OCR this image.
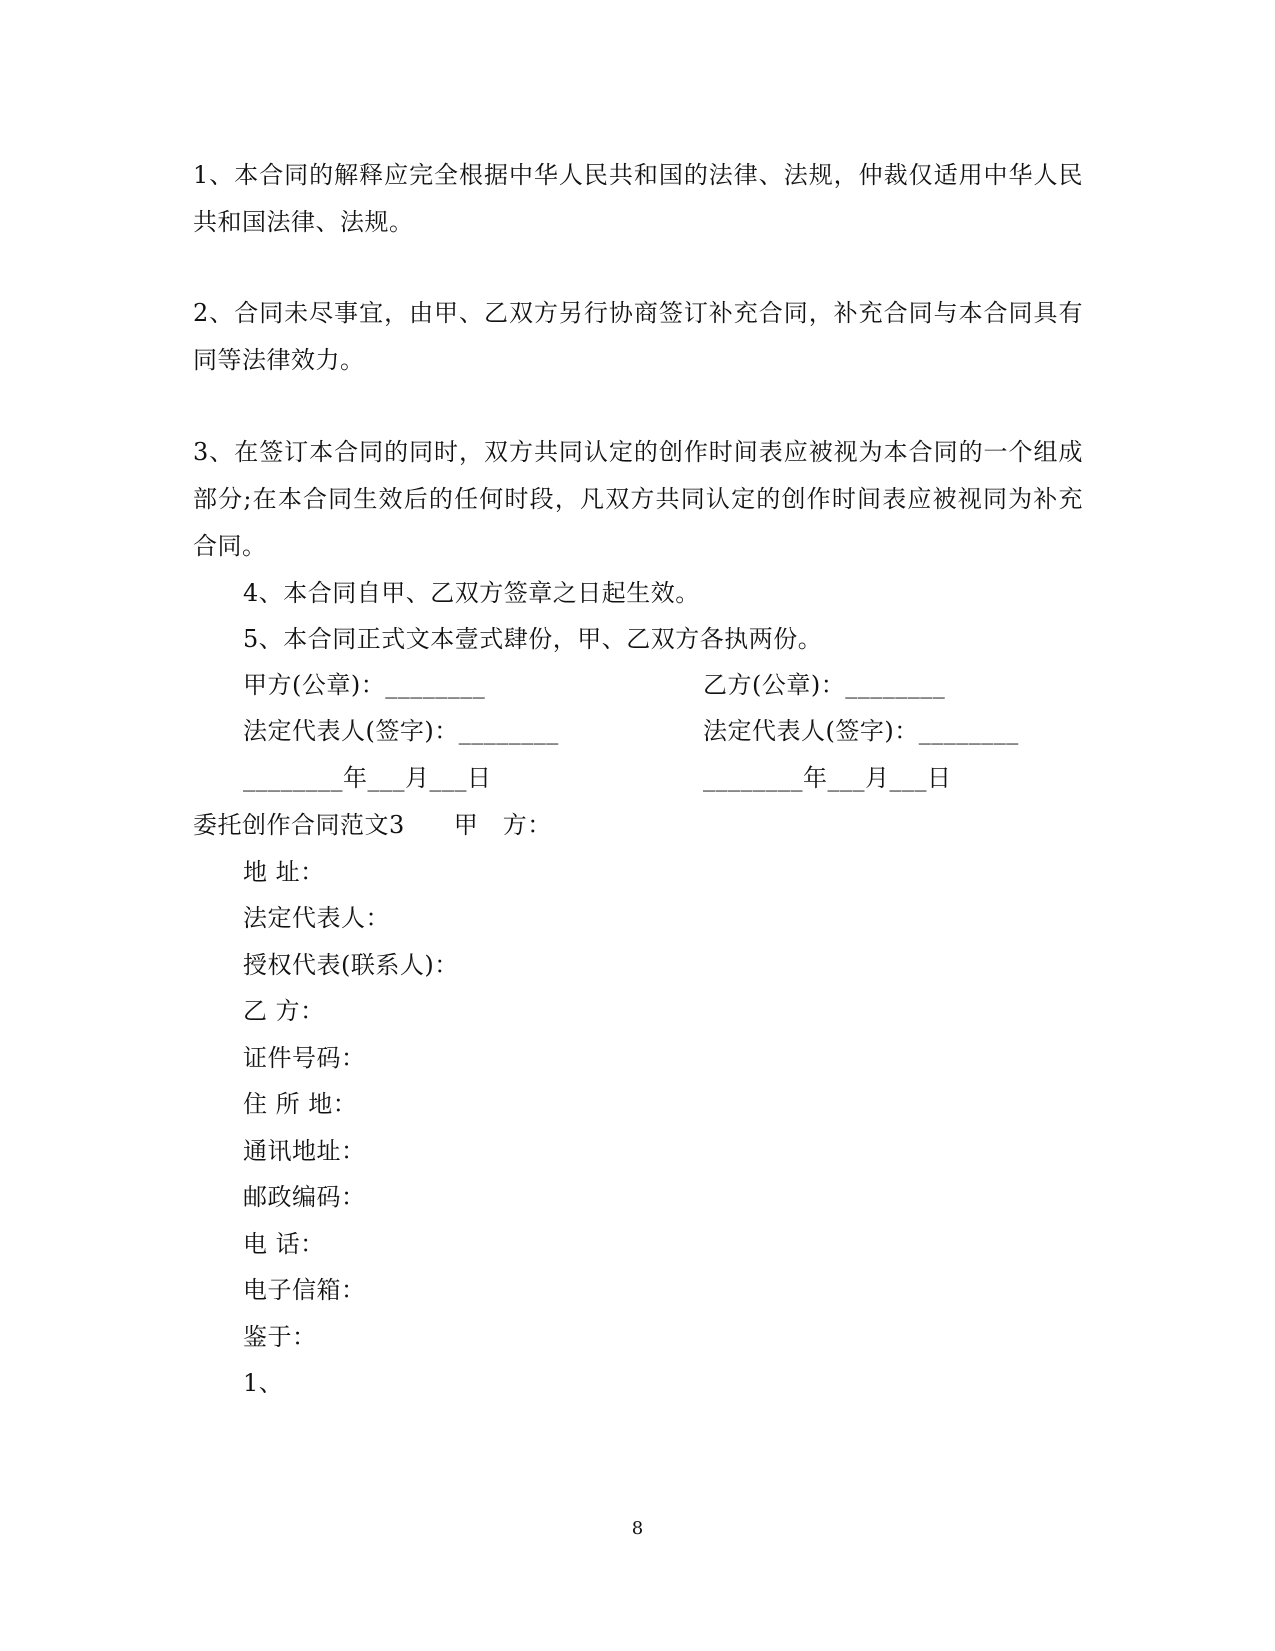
1、本合同的解释应完全根据中华人民共和国的法律、法规，仲裁仅适用中华人民共和国法律、法规。

2、合同未尽事宜，由甲、乙双方另行协商签订补充合同，补充合同与本合同具有同等法律效力。

3、在签订本合同的同时，双方共同认定的创作时间表应被视为本合同的一个组成部分;在本合同生效后的任何时段，凡双方共同认定的创作时间表应被视同为补充合同。

4、本合同自甲、乙双方签章之日起生效。
5、本合同正式文本壹式肆份，甲、乙双方各执两份。
甲方(公章)：________	乙方(公章)：________
法定代表人(签字)：________	法定代表人(签字)：________
________年___月___日	________年___月___日
委托创作合同范文3　　甲　方：
地 址：
法定代表人：
授权代表(联系人)：
乙 方：
证件号码：
住 所 地：
通讯地址：
邮政编码：
电 话：
电子信箱：
鉴于：
1、
8
